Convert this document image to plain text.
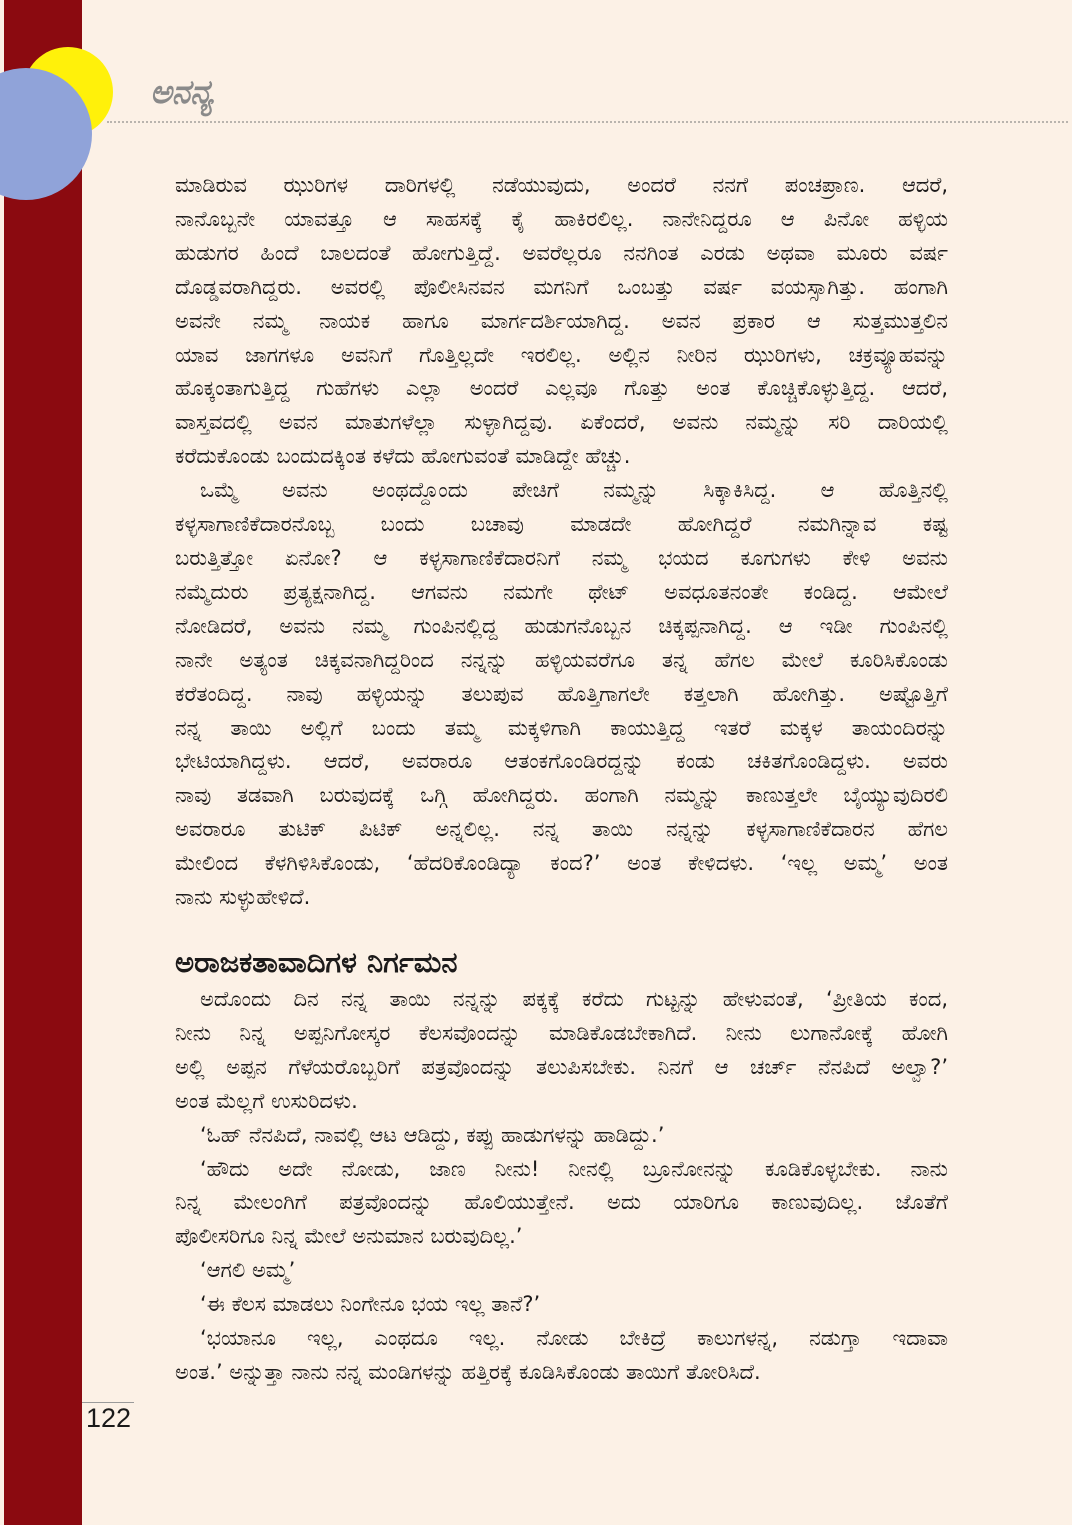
ಅನನ್ಯ
ಮಾಡಿರುವ ಝುರಿಗಳ ದಾರಿಗಳಲ್ಲಿ ನಡೆಯುವುದು, ಅಂದರೆ ನನಗೆ ಪಂಚಪ್ರಾಣ. ಆದರೆ,
ನಾನೊಬ್ಬನೇ ಯಾವತ್ತೂ ಆ ಸಾಹಸಕ್ಕೆ ಕೈ ಹಾಕಿರಲಿಲ್ಲ. ನಾನೇನಿದ್ದರೂ ಆ ಪಿನೋ ಹಳ್ಳಿಯ
ಹುಡುಗರ ಹಿಂದೆ ಬಾಲದಂತೆ ಹೋಗುತ್ತಿದ್ದೆ. ಅವರೆಲ್ಲರೂ ನನಗಿಂತ ಎರಡು ಅಥವಾ ಮೂರು ವರ್ಷ
ದೊಡ್ಡವರಾಗಿದ್ದರು. ಅವರಲ್ಲಿ ಪೊಲೀಸಿನವನ ಮಗನಿಗೆ ಒಂಬತ್ತು ವರ್ಷ ವಯಸ್ಸಾಗಿತ್ತು. ಹಂಗಾಗಿ
ಅವನೇ ನಮ್ಮ ನಾಯಕ ಹಾಗೂ ಮಾರ್ಗದರ್ಶಿಯಾಗಿದ್ದ. ಅವನ ಪ್ರಕಾರ ಆ ಸುತ್ತಮುತ್ತಲಿನ
ಯಾವ ಜಾಗಗಳೂ ಅವನಿಗೆ ಗೊತ್ತಿಲ್ಲದೇ ಇರಲಿಲ್ಲ. ಅಲ್ಲಿನ ನೀರಿನ ಝುರಿಗಳು, ಚಕ್ರವ್ಯೂಹವನ್ನು
ಹೊಕ್ಕಂತಾಗುತ್ತಿದ್ದ ಗುಹೆಗಳು ಎಲ್ಲಾ ಅಂದರೆ ಎಲ್ಲವೂ ಗೊತ್ತು ಅಂತ ಕೊಚ್ಚಿಕೊಳ್ಳುತ್ತಿದ್ದ. ಆದರೆ,
ವಾಸ್ತವದಲ್ಲಿ ಅವನ ಮಾತುಗಳೆಲ್ಲಾ ಸುಳ್ಳಾಗಿದ್ದವು. ಏಕೆಂದರೆ, ಅವನು ನಮ್ಮನ್ನು ಸರಿ ದಾರಿಯಲ್ಲಿ
ಕರೆದುಕೊಂಡು ಬಂದುದಕ್ಕಿಂತ ಕಳೆದು ಹೋಗುವಂತೆ ಮಾಡಿದ್ದೇ ಹೆಚ್ಚು.
ಒಮ್ಮೆ ಅವನು ಅಂಥದ್ದೊಂದು ಪೇಚಿಗೆ ನಮ್ಮನ್ನು ಸಿಕ್ಕಾಕಿಸಿದ್ದ. ಆ ಹೊತ್ತಿನಲ್ಲಿ
ಕಳ್ಳಸಾಗಾಣಿಕೆದಾರನೊಬ್ಬ ಬಂದು ಬಚಾವು ಮಾಡದೇ ಹೋಗಿದ್ದರೆ ನಮಗಿನ್ನಾವ ಕಷ್ಟ
ಬರುತ್ತಿತ್ತೋ ಏನೋ? ಆ ಕಳ್ಳಸಾಗಾಣಿಕೆದಾರನಿಗೆ ನಮ್ಮ ಭಯದ ಕೂಗುಗಳು ಕೇಳಿ ಅವನು
ನಮ್ಮೆದುರು ಪ್ರತ್ಯಕ್ಷನಾಗಿದ್ದ. ಆಗವನು ನಮಗೇ ಥೇಟ್ ಅವಧೂತನಂತೇ ಕಂಡಿದ್ದ. ಆಮೇಲೆ
ನೋಡಿದರೆ, ಅವನು ನಮ್ಮ ಗುಂಪಿನಲ್ಲಿದ್ದ ಹುಡುಗನೊಬ್ಬನ ಚಿಕ್ಕಪ್ಪನಾಗಿದ್ದ. ಆ ಇಡೀ ಗುಂಪಿನಲ್ಲಿ
ನಾನೇ ಅತ್ಯಂತ ಚಿಕ್ಕವನಾಗಿದ್ದರಿಂದ ನನ್ನನ್ನು ಹಳ್ಳಿಯವರೆಗೂ ತನ್ನ ಹೆಗಲ ಮೇಲೆ ಕೂರಿಸಿಕೊಂಡು
ಕರೆತಂದಿದ್ದ. ನಾವು ಹಳ್ಳಿಯನ್ನು ತಲುಪುವ ಹೊತ್ತಿಗಾಗಲೇ ಕತ್ತಲಾಗಿ ಹೋಗಿತ್ತು. ಅಷ್ಟೊತ್ತಿಗೆ
ನನ್ನ ತಾಯಿ ಅಲ್ಲಿಗೆ ಬಂದು ತಮ್ಮ ಮಕ್ಕಳಿಗಾಗಿ ಕಾಯುತ್ತಿದ್ದ ಇತರೆ ಮಕ್ಕಳ ತಾಯಂದಿರನ್ನು
ಭೇಟಿಯಾಗಿದ್ದಳು. ಆದರೆ, ಅವರಾರೂ ಆತಂಕಗೊಂಡಿರದ್ದನ್ನು ಕಂಡು ಚಕಿತಗೊಂಡಿದ್ದಳು. ಅವರು
ನಾವು ತಡವಾಗಿ ಬರುವುದಕ್ಕೆ ಒಗ್ಗಿ ಹೋಗಿದ್ದರು. ಹಂಗಾಗಿ ನಮ್ಮನ್ನು ಕಾಣುತ್ತಲೇ ಬೈಯ್ಯುವುದಿರಲಿ
ಅವರಾರೂ ತುಟಿಕ್ ಪಿಟಿಕ್ ಅನ್ನಲಿಲ್ಲ. ನನ್ನ ತಾಯಿ ನನ್ನನ್ನು ಕಳ್ಳಸಾಗಾಣಿಕೆದಾರನ ಹೆಗಲ
ಮೇಲಿಂದ ಕೆಳಗಿಳಿಸಿಕೊಂಡು, ‘ಹೆದರಿಕೊಂಡಿದ್ಯಾ ಕಂದ?’ ಅಂತ ಕೇಳಿದಳು. ‘ಇಲ್ಲ ಅಮ್ಮ’ ಅಂತ
ನಾನು ಸುಳ್ಳುಹೇಳಿದೆ.
ಅರಾಜಕತಾವಾದಿಗಳ ನಿರ್ಗಮನ
ಅದೊಂದು ದಿನ ನನ್ನ ತಾಯಿ ನನ್ನನ್ನು ಪಕ್ಕಕ್ಕೆ ಕರೆದು ಗುಟ್ಟನ್ನು ಹೇಳುವಂತೆ, ‘ಪ್ರೀತಿಯ ಕಂದ,
ನೀನು ನಿನ್ನ ಅಪ್ಪನಿಗೋಸ್ಕರ ಕೆಲಸವೊಂದನ್ನು ಮಾಡಿಕೊಡಬೇಕಾಗಿದೆ. ನೀನು ಲುಗಾನೋಕ್ಕೆ ಹೋಗಿ
ಅಲ್ಲಿ ಅಪ್ಪನ ಗೆಳೆಯರೊಬ್ಬರಿಗೆ ಪತ್ರವೊಂದನ್ನು ತಲುಪಿಸಬೇಕು. ನಿನಗೆ ಆ ಚರ್ಚ್ ನೆನಪಿದೆ ಅಲ್ವಾ?’
ಅಂತ ಮೆಲ್ಲಗೆ ಉಸುರಿದಳು.
‘ಓಹ್ ನೆನಪಿದೆ, ನಾವಲ್ಲಿ ಆಟ ಆಡಿದ್ದು, ಕಪ್ಪು ಹಾಡುಗಳನ್ನು ಹಾಡಿದ್ದು.’
‘ಹೌದು ಅದೇ ನೋಡು, ಜಾಣ ನೀನು! ನೀನಲ್ಲಿ ಬ್ರೂನೋನನ್ನು ಕೂಡಿಕೊಳ್ಳಬೇಕು. ನಾನು
ನಿನ್ನ ಮೇಲಂಗಿಗೆ ಪತ್ರವೊಂದನ್ನು ಹೊಲಿಯುತ್ತೇನೆ. ಅದು ಯಾರಿಗೂ ಕಾಣುವುದಿಲ್ಲ. ಜೊತೆಗೆ
ಪೊಲೀಸರಿಗೂ ನಿನ್ನ ಮೇಲೆ ಅನುಮಾನ ಬರುವುದಿಲ್ಲ.’
‘ಆಗಲಿ ಅಮ್ಮ’
‘ಈ ಕೆಲಸ ಮಾಡಲು ನಿಂಗೇನೂ ಭಯ ಇಲ್ಲ ತಾನೆ?’
‘ಭಯಾನೂ ಇಲ್ಲ, ಎಂಥದೂ ಇಲ್ಲ. ನೋಡು ಬೇಕಿದ್ರೆ ಕಾಲುಗಳನ್ನ, ನಡುಗ್ತಾ ಇದಾವಾ
ಅಂತ.’ ಅನ್ನುತ್ತಾ ನಾನು ನನ್ನ ಮಂಡಿಗಳನ್ನು ಹತ್ತಿರಕ್ಕೆ ಕೂಡಿಸಿಕೊಂಡು ತಾಯಿಗೆ ತೋರಿಸಿದೆ.
122
